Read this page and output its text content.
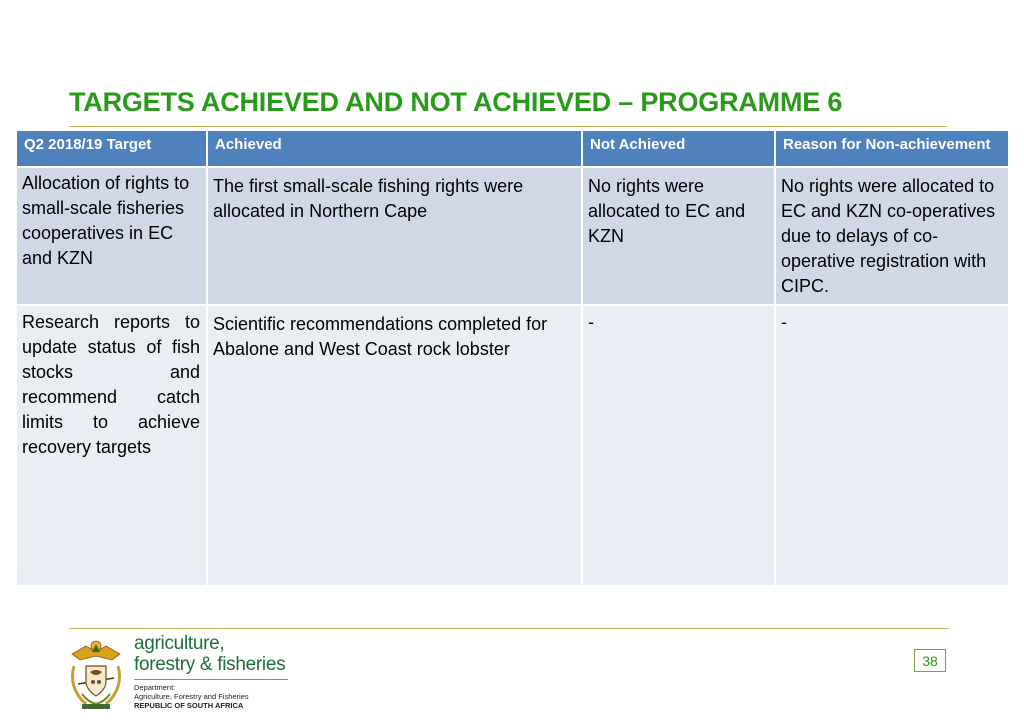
TARGETS ACHIEVED AND NOT ACHIEVED – PROGRAMME 6
Q2 2018/19 Target	Achieved	Not Achieved	Reason for Non-achievement
Allocation of rights to small-scale fisheries cooperatives in EC and KZN	The first small-scale fishing rights were allocated in Northern Cape	No rights were allocated to EC and KZN	No rights were allocated to EC and KZN co-operatives due to delays of co-operative registration with CIPC.
Research reports to update status of fish stocks and recommend catch limits to achieve recovery targets	Scientific recommendations completed for Abalone and West Coast rock lobster	-	-
agriculture,
forestry & fisheries
Department:
Agriculture, Forestry and Fisheries
REPUBLIC OF SOUTH AFRICA
38
